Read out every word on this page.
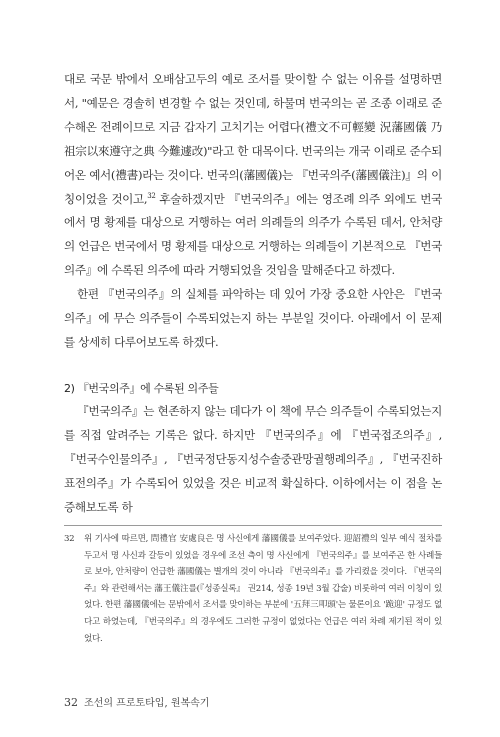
대로 국문 밖에서 오배삼고두의 예로 조서를 맞이할 수 없는 이유를 설명하면서, "예문은 경솔히 변경할 수 없는 것인데, 하물며 번국의는 곧 조종 이래로 준수해온 전례이므로 지금 갑자기 고치기는 어렵다(禮文不可輕變 況藩國儀 乃祖宗以來遵守之典 今難遽改)"라고 한 대목이다. 번국의는 개국 이래로 준수되어온 예서(禮書)라는 것이다. 번국의(藩國儀)는 『번국의주(藩國儀注)』의 이칭이었을 것이고,$^{32}$ 후술하겠지만 『번국의주』에는 영조례 의주 외에도 번국에서 명 황제를 대상으로 거행하는 여러 의례들의 의주가 수록된 데서, 안처량의 언급은 번국에서 명 황제를 대상으로 거행하는 의례들이 기본적으로 『번국의주』에 수록된 의주에 따라 거행되었을 것임을 말해준다고 하겠다.

한편 『번국의주』의 실체를 파악하는 데 있어 가장 중요한 사안은 『번국의주』에 무슨 의주들이 수록되었는지 하는 부분일 것이다. 아래에서 이 문제를 상세히 다루어보도록 하겠다.

2) 『번국의주』에 수록된 의주들

『번국의주』는 현존하지 않는 데다가 이 책에 무슨 의주들이 수록되었는지를 직접 알려주는 기록은 없다. 하지만 『번국의주』에 『번국접조의주』, 『번국수인물의주』, 『번국정단동지성수솔중관망궐행례의주』, 『번국진하표전의주』가 수록되어 있었을 것은 비교적 확실하다. 이하에서는 이 점을 논증해보도록 하

32	위 기사에 따르면, 問禮官 安處良은 명 사신에게 藩國儀를 보여주었다. 迎詔禮의 일부 예식 절차를 두고서 명 사신과 갈등이 있었을 경우에 조선 측이 명 사신에게 『번국의주』를 보여주곤 한 사례들로 보아, 안처량이 언급한 藩國儀는 별개의 것이 아니라 『번국의주』를 가리켰을 것이다. 『번국의주』와 관련해서는 藩王儀注를(『성종실록』 권214, 성종 19년 3월 갑술) 비롯하여 여러 이칭이 있었다. 한편 藩國儀에는 문밖에서 조서를 맞이하는 부분에 '五拜三叩頭'는 물론이요 '跪迎' 규정도 없다고 하였는데, 『번국의주』의 경우에도 그러한 규정이 없었다는 언급은 여러 차례 제기된 적이 있었다.
32 조선의 프로토타입, 원복속기
